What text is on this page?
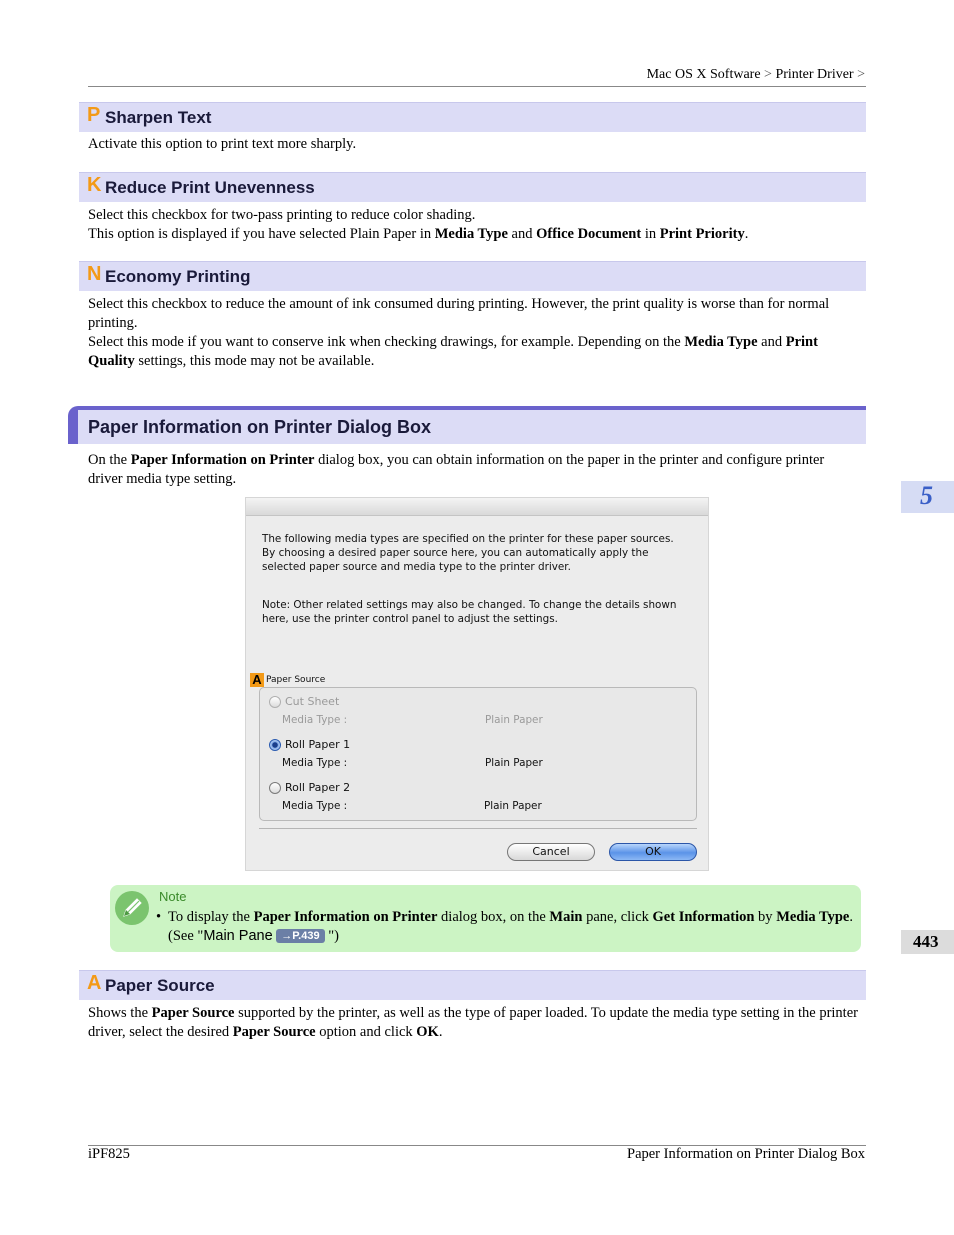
Mac OS X Software > Printer Driver >
P Sharpen Text
Activate this option to print text more sharply.
K Reduce Print Unevenness
Select this checkbox for two-pass printing to reduce color shading.
This option is displayed if you have selected Plain Paper in Media Type and Office Document in Print Priority.
N Economy Printing
Select this checkbox to reduce the amount of ink consumed during printing. However, the print quality is worse than for normal printing.
Select this mode if you want to conserve ink when checking drawings, for example. Depending on the Media Type and Print Quality settings, this mode may not be available.
Paper Information on Printer Dialog Box
On the Paper Information on Printer dialog box, you can obtain information on the paper in the printer and configure printer driver media type setting.
The following media types are specified on the printer for these paper sources.
By choosing a desired paper source here, you can automatically apply the
selected paper source and media type to the printer driver.
Note: Other related settings may also be changed. To change the details shown
here, use the printer control panel to adjust the settings.
A Paper Source
Cut Sheet
Media Type :	Plain Paper
Roll Paper 1
Media Type :	Plain Paper
Roll Paper 2
Media Type :	Plain Paper
Cancel	OK
Note
• To display the Paper Information on Printer dialog box, on the Main pane, click Get Information by Media Type.(See "Main Pane →P.439 ")
A Paper Source
Shows the Paper Source supported by the printer, as well as the type of paper loaded. To update the media type setting in the printer driver, select the desired Paper Source option and click OK.
5
443
iPF825	Paper Information on Printer Dialog Box
